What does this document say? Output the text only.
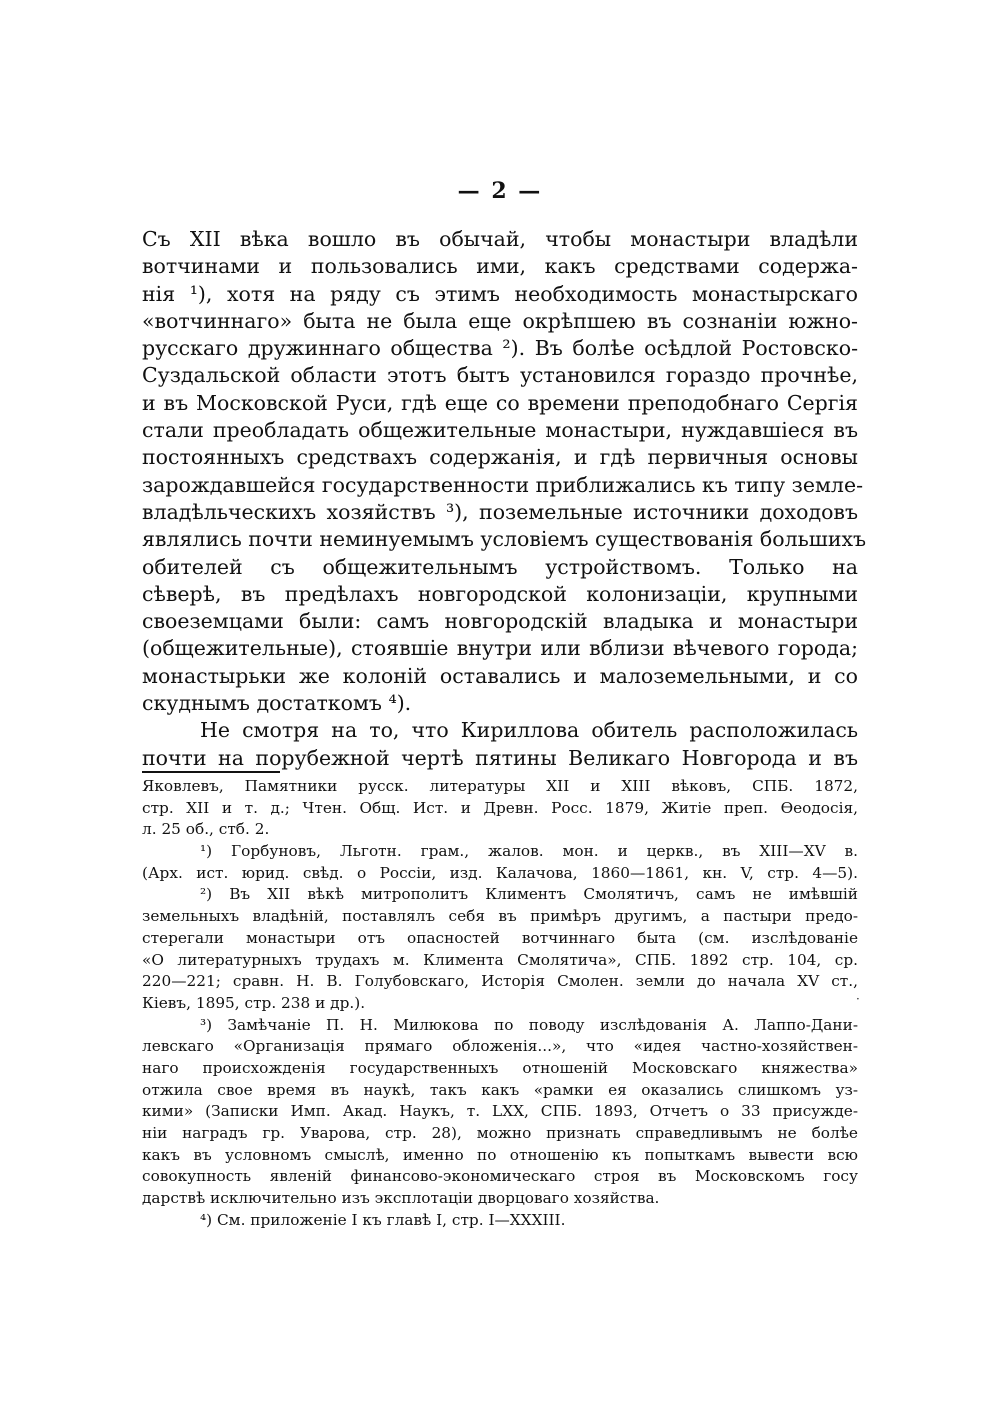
— 2 —
Съ XII вѣка вошло въ обычай, чтобы монастыри владѣли
вотчинами и пользовались ими, какъ средствами содержа-
нія ¹), хотя на ряду съ этимъ необходимость монастырскаго
«вотчиннаго» быта не была еще окрѣпшею въ сознаніи южно-
русскаго дружиннаго общества ²). Въ болѣе осѣдлой Ростовско-
Суздальской области этотъ бытъ установился гораздо прочнѣе,
и въ Московской Руси, гдѣ еще со времени преподобнаго Сергія
стали преобладать общежительные монастыри, нуждавшіеся въ
постоянныхъ средствахъ содержанія, и гдѣ первичныя основы
зарождавшейся государственности приближались къ типу земле-
владѣльческихъ хозяйствъ ³), поземельные источники доходовъ
являлись почти неминуемымъ условіемъ существованія большихъ
обителей съ общежительнымъ устройствомъ. Только на
сѣверѣ, въ предѣлахъ новгородской колонизаціи, крупными
своеземцами были: самъ новгородскій владыка и монастыри
(общежительные), стоявшіе внутри или вблизи вѣчевого города;
монастырьки же колоній оставались и малоземельными, и со
скуднымъ достаткомъ ⁴).
Не смотря на то, что Кириллова обитель расположилась
почти на порубежной чертѣ пятины Великаго Новгорода и въ
Яковлевъ, Памятники русск. литературы XII и XIII вѣковъ, СПБ. 1872,
стр. XII и т. д.; Чтен. Общ. Ист. и Древн. Росс. 1879, Житіе преп. Ѳеодосія,
л. 25 об., стб. 2.
¹) Горбуновъ, Льготн. грам., жалов. мон. и церкв., въ XIII—XV в.
(Арх. ист. юрид. свѣд. о Россіи, изд. Калачова, 1860—1861, кн. V, стр. 4—5).
²) Въ XII вѣкѣ митрополитъ Климентъ Смолятичъ, самъ не имѣвшій
земельныхъ владѣній, поставлялъ себя въ примѣръ другимъ, а пастыри предо-
стерегали монастыри отъ опасностей вотчиннаго быта (см. изслѣдованіе
«О литературныхъ трудахъ м. Климента Смолятича», СПБ. 1892 стр. 104, ср.
220—221; сравн. Н. В. Голубовскаго, Исторія Смолен. земли до начала XV ст.,
Кіевъ, 1895, стр. 238 и др.).
³) Замѣчаніе П. Н. Милюкова по поводу изслѣдованія А. Лаппо-Дани-
левскаго «Организація прямаго обложенія...», что «идея частно-хозяйствен-
наго происхожденія государственныхъ отношеній Московскаго княжества»
отжила свое время въ наукѣ, такъ какъ «рамки ея оказались слишкомъ уз-
кими» (Записки Имп. Акад. Наукъ, т. LXX, СПБ. 1893, Отчетъ о 33 присужде-
ніи наградъ гр. Уварова, стр. 28), можно признать справедливымъ не болѣе
какъ въ условномъ смыслѣ, именно по отношенію къ попыткамъ вывести всю
совокупность явленій финансово-экономическаго строя въ Московскомъ госу
дарствѣ исключительно изъ эксплотаціи дворцоваго хозяйства.
⁴) См. приложеніе I къ главѣ I, стр. I—XXXIII.
·
